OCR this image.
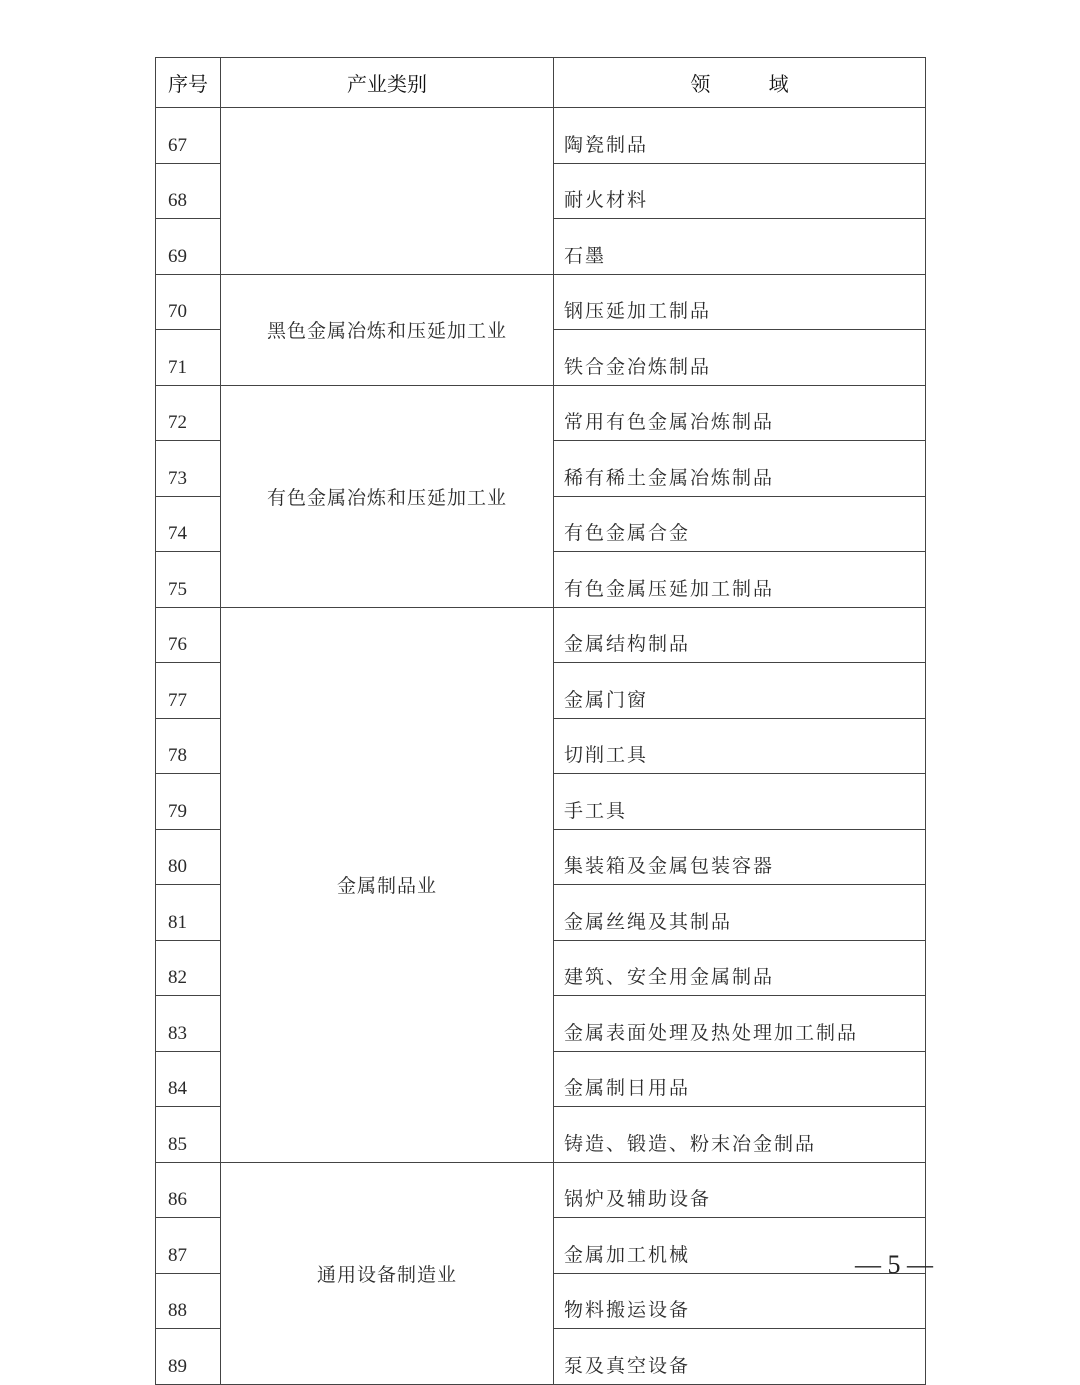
序号	产业类别	领 域
67		陶瓷制品
68		耐火材料
69		石墨
70	黑色金属冶炼和压延加工业	钢压延加工制品
71		铁合金冶炼制品
72	有色金属冶炼和压延加工业	常用有色金属冶炼制品
73		稀有稀土金属冶炼制品
74		有色金属合金
75		有色金属压延加工制品
76	金属制品业	金属结构制品
77		金属门窗
78		切削工具
79		手工具
80		集装箱及金属包装容器
81		金属丝绳及其制品
82		建筑、安全用金属制品
83		金属表面处理及热处理加工制品
84		金属制日用品
85		铸造、锻造、粉末冶金制品
86	通用设备制造业	锅炉及辅助设备
87		金属加工机械
88		物料搬运设备
89		泵及真空设备
— 5 —
